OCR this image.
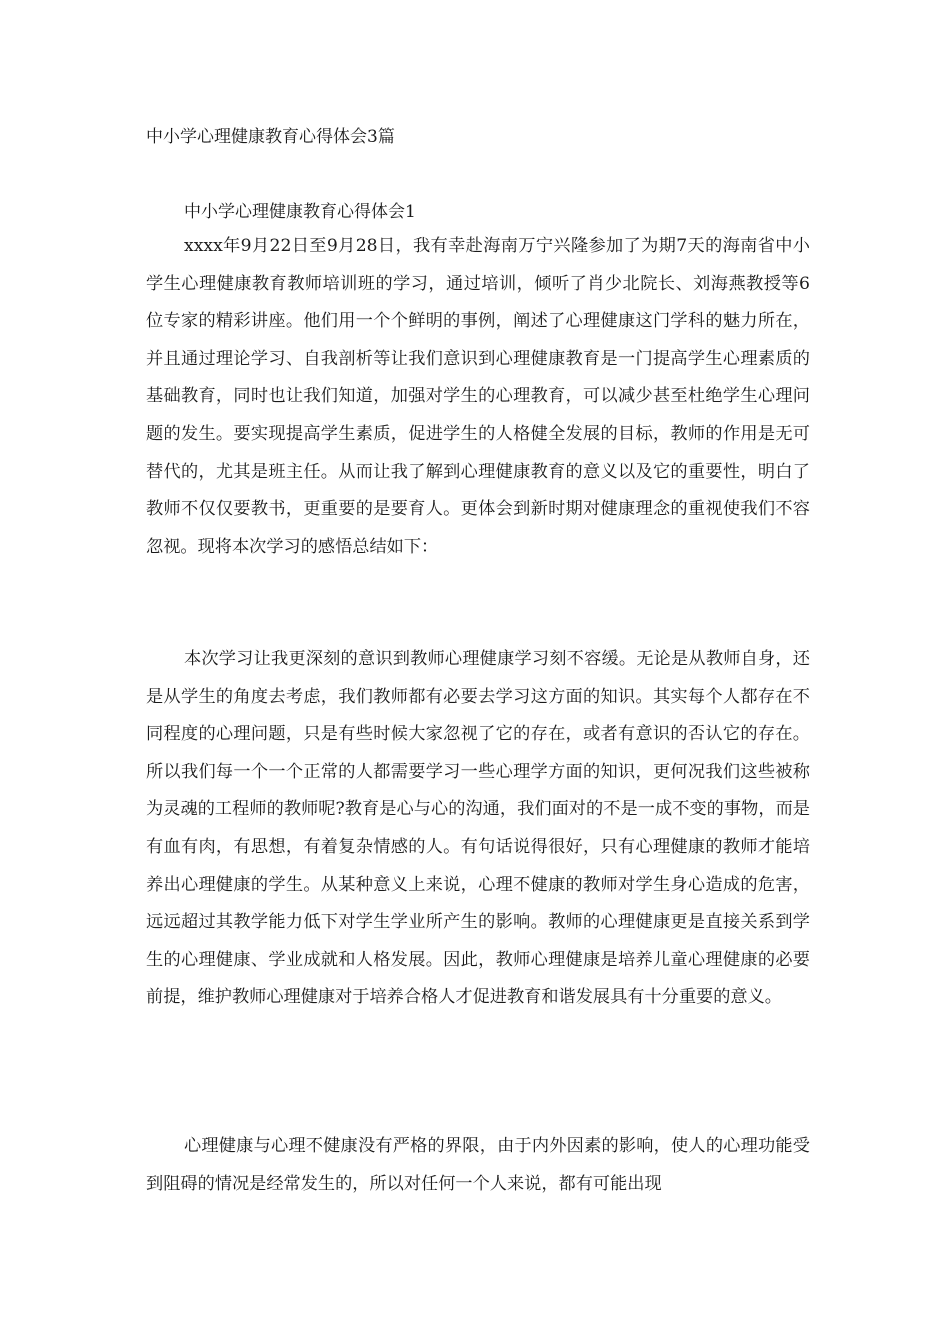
中小学心理健康教育心得体会3篇
中小学心理健康教育心得体会1

xxxx年9月22日至9月28日，我有幸赴海南万宁兴隆参加了为期7天的海南省中小学生心理健康教育教师培训班的学习，通过培训，倾听了肖少北院长、刘海燕教授等6位专家的精彩讲座。他们用一个个鲜明的事例，阐述了心理健康这门学科的魅力所在，并且通过理论学习、自我剖析等让我们意识到心理健康教育是一门提高学生心理素质的基础教育，同时也让我们知道，加强对学生的心理教育，可以减少甚至杜绝学生心理问题的发生。要实现提高学生素质，促进学生的人格健全发展的目标，教师的作用是无可替代的，尤其是班主任。从而让我了解到心理健康教育的意义以及它的重要性，明白了教师不仅仅要教书，更重要的是要育人。更体会到新时期对健康理念的重视使我们不容忽视。现将本次学习的感悟总结如下：

本次学习让我更深刻的意识到教师心理健康学习刻不容缓。无论是从教师自身，还是从学生的角度去考虑，我们教师都有必要去学习这方面的知识。其实每个人都存在不同程度的心理问题，只是有些时候大家忽视了它的存在，或者有意识的否认它的存在。所以我们每一个一个正常的人都需要学习一些心理学方面的知识，更何况我们这些被称为灵魂的工程师的教师呢?教育是心与心的沟通，我们面对的不是一成不变的事物，而是有血有肉，有思想，有着复杂情感的人。有句话说得很好，只有心理健康的教师才能培养出心理健康的学生。从某种意义上来说，心理不健康的教师对学生身心造成的危害，远远超过其教学能力低下对学生学业所产生的影响。教师的心理健康更是直接关系到学生的心理健康、学业成就和人格发展。因此，教师心理健康是培养儿童心理健康的必要前提，维护教师心理健康对于培养合格人才促进教育和谐发展具有十分重要的意义。

心理健康与心理不健康没有严格的界限，由于内外因素的影响，使人的心理功能受到阻碍的情况是经常发生的，所以对任何一个人来说，都有可能出现
